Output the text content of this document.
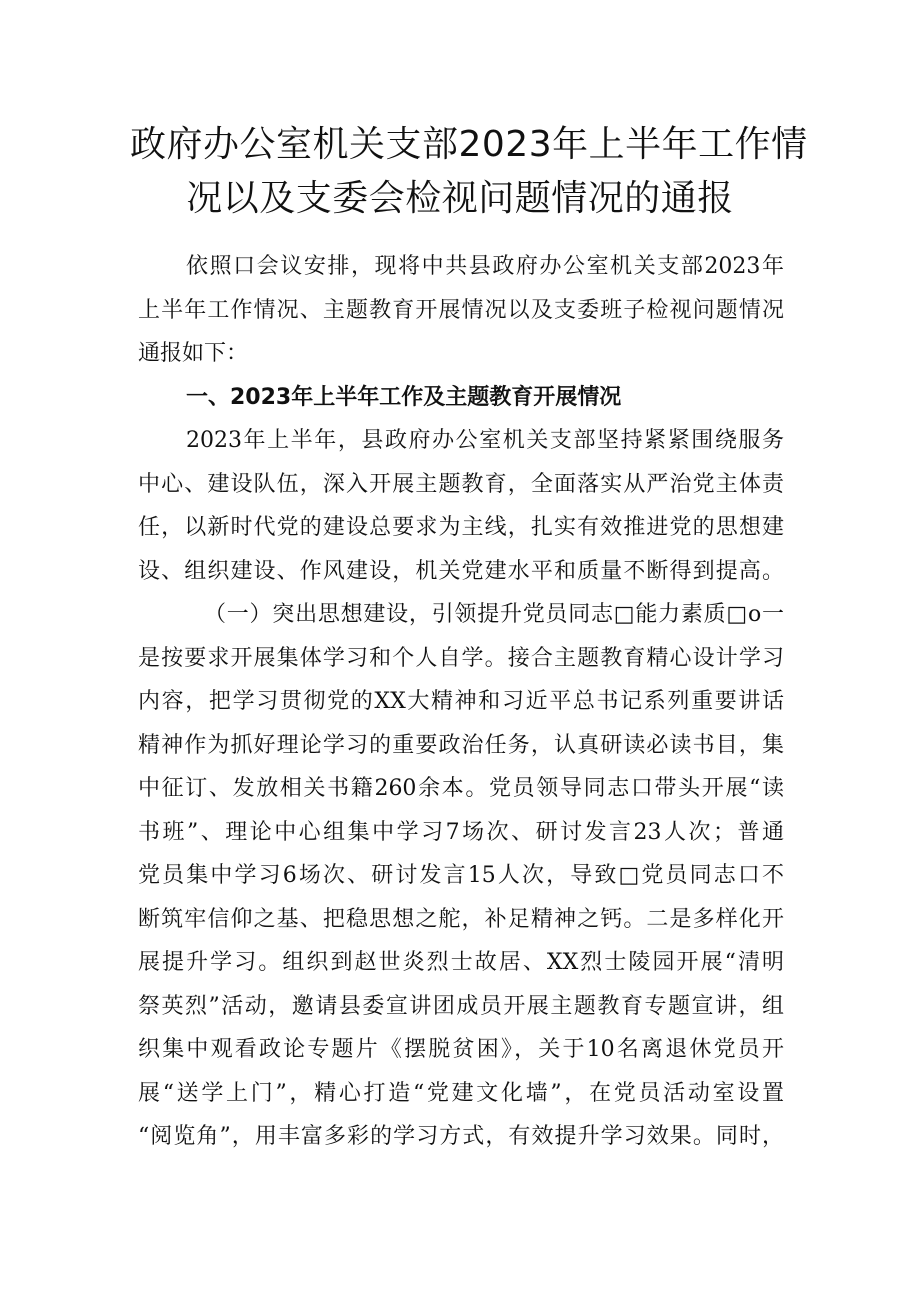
政府办公室机关支部2023年上半年工作情
况以及支委会检视问题情况的通报

依照口会议安排，现将中共县政府办公室机关支部2023年
上半年工作情况、主题教育开展情况以及支委班子检视问题情况
通报如下：

一、2023年上半年工作及主题教育开展情况

2023年上半年，县政府办公室机关支部坚持紧紧围绕服务
中心、建设队伍，深入开展主题教育，全面落实从严治党主体责
任，以新时代党的建设总要求为主线，扎实有效推进党的思想建
设、组织建设、作风建设，机关党建水平和质量不断得到提高。

（一）突出思想建设，引领提升党员同志□能力素质□o一
是按要求开展集体学习和个人自学。接合主题教育精心设计学习
内容，把学习贯彻党的XX大精神和习近平总书记系列重要讲话
精神作为抓好理论学习的重要政治任务，认真研读必读书目，集
中征订、发放相关书籍260余本。党员领导同志口带头开展“读
书班”、理论中心组集中学习7场次、研讨发言23人次；普通
党员集中学习6场次、研讨发言15人次，导致□党员同志口不
断筑牢信仰之基、把稳思想之舵，补足精神之钙。二是多样化开
展提升学习。组织到赵世炎烈士故居、XX烈士陵园开展“清明
祭英烈”活动，邀请县委宣讲团成员开展主题教育专题宣讲，组
织集中观看政论专题片《摆脱贫困》，关于10名离退休党员开
展“送学上门”，精心打造“党建文化墙”，在党员活动室设置
“阅览角”，用丰富多彩的学习方式，有效提升学习效果。同时，
